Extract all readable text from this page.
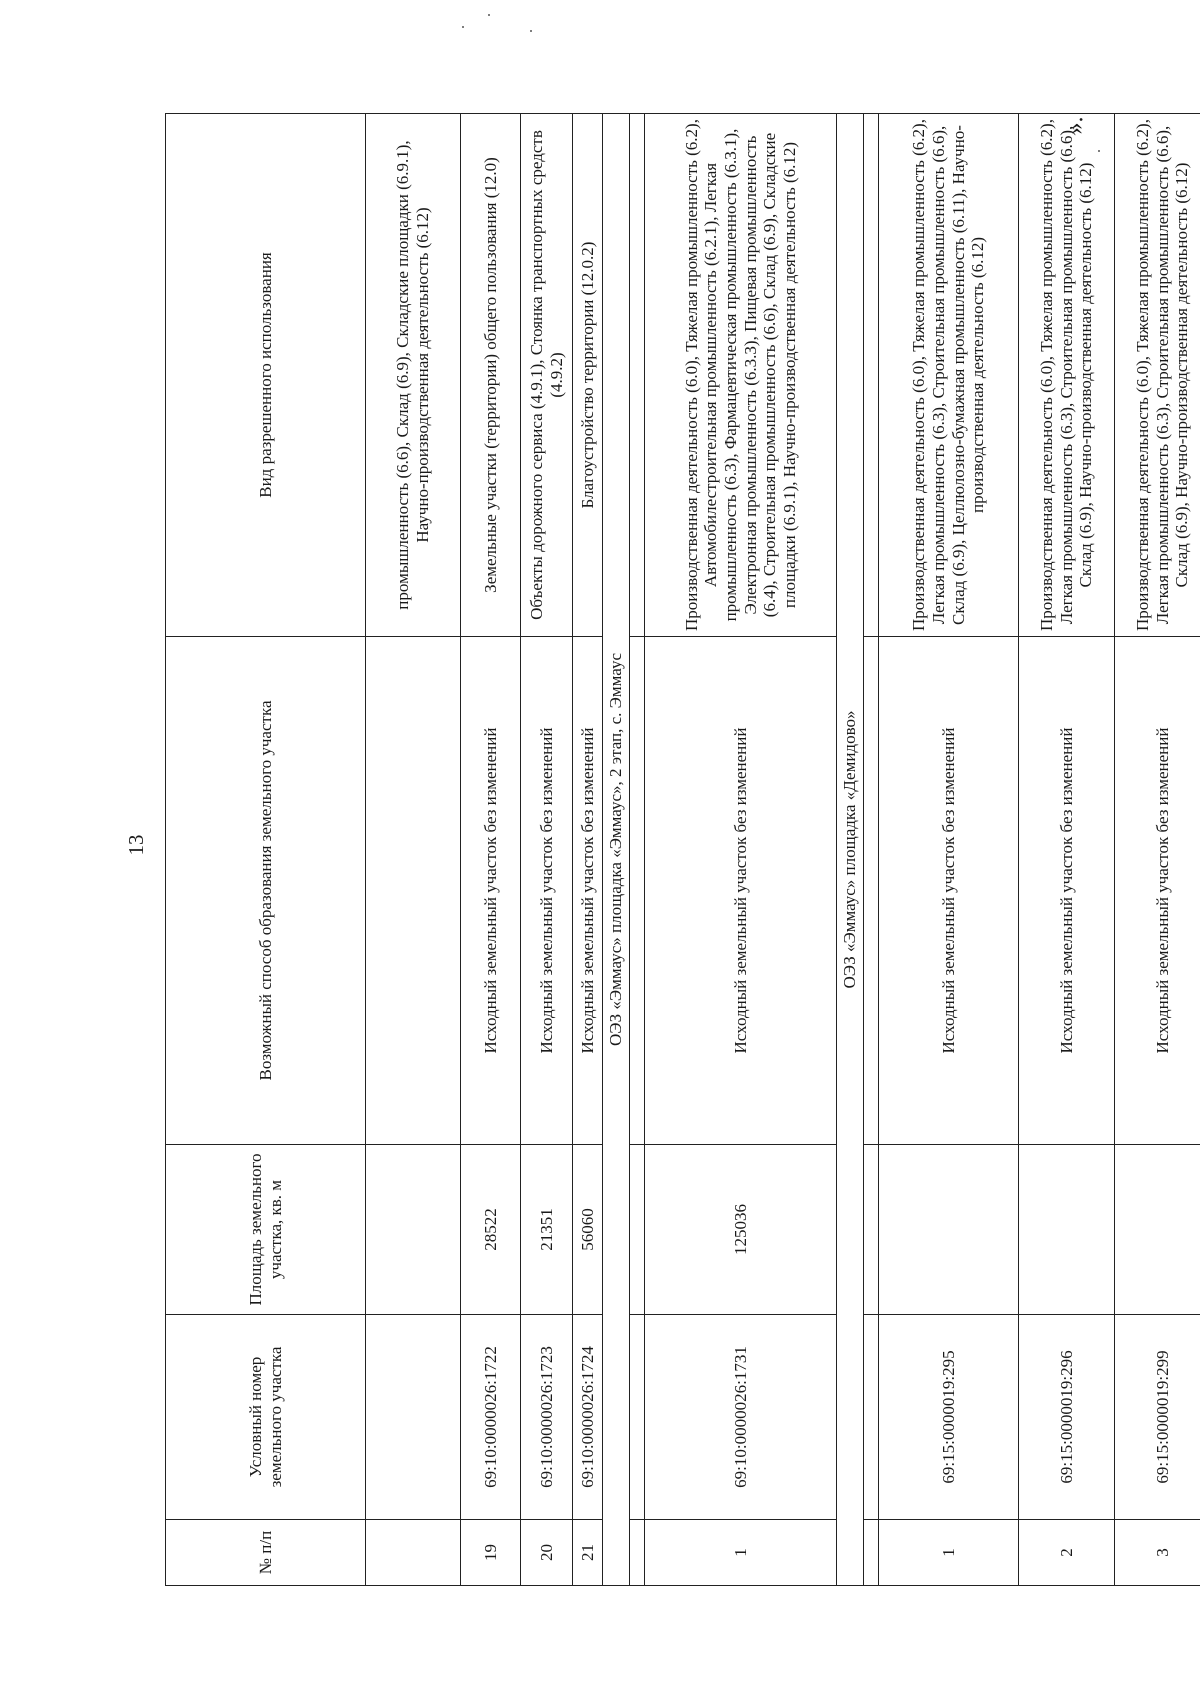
13
».
№ п/п	Условный номер земельного участка	Площадь земельного участка, кв. м	Возможный способ образования земельного участка	Вид разрешенного использования
				промышленность (6.6), Склад (6.9), Складские площадки (6.9.1), Научно-производственная деятельность (6.12)
19	69:10:0000026:1722	28522	Исходный земельный участок без изменений	Земельные участки (территории) общего пользования (12.0)
20	69:10:0000026:1723	21351	Исходный земельный участок без изменений	Объекты дорожного сервиса (4.9.1), Стоянка транспортных средств (4.9.2)
21	69:10:0000026:1724	56060	Исходный земельный участок без изменений	Благоустройство территории (12.0.2)
ОЭЗ «Эммаус» площадка «Эммаус», 2 этап, с. Эммаус				

1	69:10:0000026:1731	125036	Исходный земельный участок без изменений	Производственная деятельность (6.0), Тяжелая промышленность (6.2), Автомобилестроительная промышленность (6.2.1), Легкая промышленность (6.3), Фармацевтическая промышленность (6.3.1), Электронная промышленность (6.3.3), Пищевая промышленность (6.4), Строительная промышленность (6.6), Склад (6.9), Складские площадки (6.9.1), Научно-производственная деятельность (6.12)
ОЭЗ «Эммаус» площадка «Демидово»				

1	69:15:0000019:295		Исходный земельный участок без изменений	Производственная деятельность (6.0), Тяжелая промышленность (6.2), Легкая промышленность (6.3), Строительная промышленность (6.6), Склад (6.9), Целлюлозно-бумажная промышленность (6.11), Научно-производственная деятельность (6.12)
2	69:15:0000019:296		Исходный земельный участок без изменений	Производственная деятельность (6.0), Тяжелая промышленность (6.2), Легкая промышленность (6.3), Строительная промышленность (6.6), Склад (6.9), Научно-производственная деятельность (6.12)
3	69:15:0000019:299		Исходный земельный участок без изменений	Производственная деятельность (6.0), Тяжелая промышленность (6.2), Легкая промышленность (6.3), Строительная промышленность (6.6), Склад (6.9), Научно-производственная деятельность (6.12)
